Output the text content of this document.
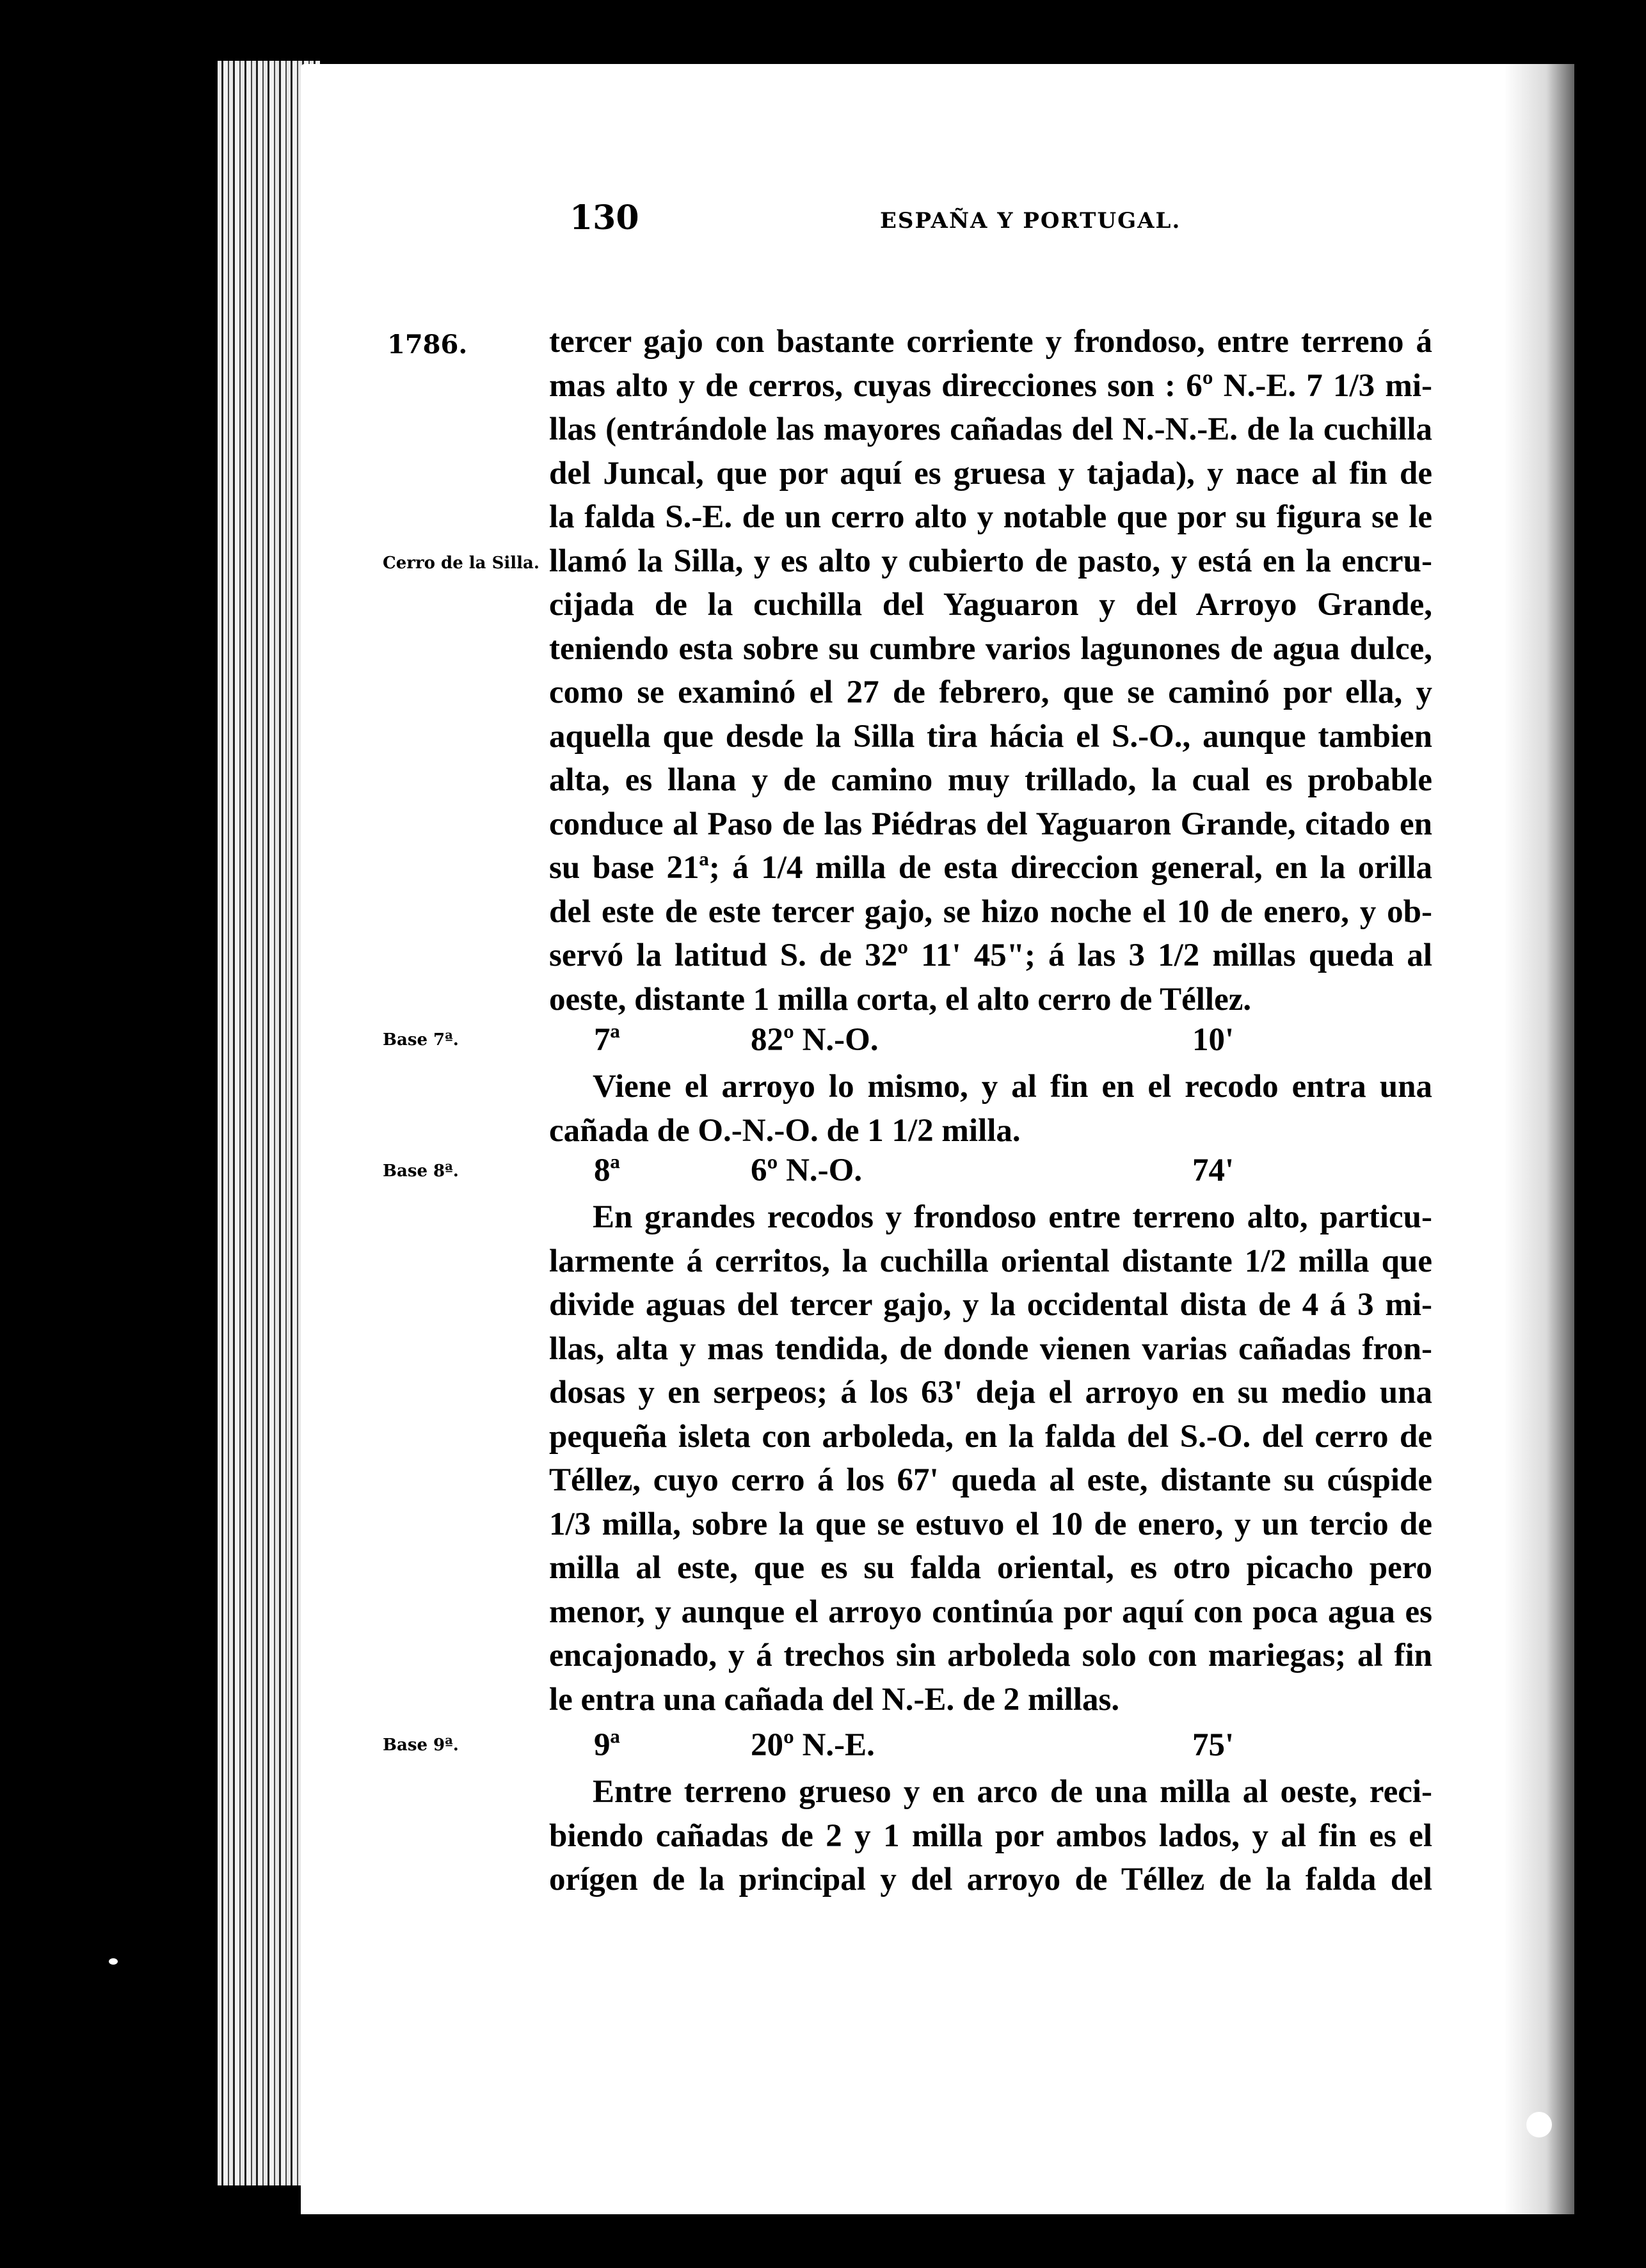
130	ESPAÑA Y PORTUGAL.
1786.
Cerro de la Silla.
Base 7ª.
Base 8ª.
Base 9ª.
tercer gajo con bastante corriente y frondoso, entre terreno á
mas alto y de cerros, cuyas direcciones son : 6º N.-E. 7 1/3 mi-
llas (entrándole las mayores cañadas del N.-N.-E. de la cuchilla
del Juncal, que por aquí es gruesa y tajada), y nace al fin de
la falda S.-E. de un cerro alto y notable que por su figura se le
llamó la Silla, y es alto y cubierto de pasto, y está en la encru-
cijada de la cuchilla del Yaguaron y del Arroyo Grande,
teniendo esta sobre su cumbre varios lagunones de agua dulce,
como se examinó el 27 de febrero, que se caminó por ella, y
aquella que desde la Silla tira hácia el S.-O., aunque tambien
alta, es llana y de camino muy trillado, la cual es probable
conduce al Paso de las Piédras del Yaguaron Grande, citado en
su base 21ª; á 1/4 milla de esta direccion general, en la orilla
del este de este tercer gajo, se hizo noche el 10 de enero, y ob-
servó la latitud S. de 32º 11' 45"; á las 3 1/2 millas queda al
oeste, distante 1 milla corta, el alto cerro de Téllez.
7ª	82º N.-O.	10'
Viene el arroyo lo mismo, y al fin en el recodo entra una
cañada de O.-N.-O. de 1 1/2 milla.
8ª	6º N.-O.	74'
En grandes recodos y frondoso entre terreno alto, particu-
larmente á cerritos, la cuchilla oriental distante 1/2 milla que
divide aguas del tercer gajo, y la occidental dista de 4 á 3 mi-
llas, alta y mas tendida, de donde vienen varias cañadas fron-
dosas y en serpeos; á los 63' deja el arroyo en su medio una
pequeña isleta con arboleda, en la falda del S.-O. del cerro de
Téllez, cuyo cerro á los 67' queda al este, distante su cúspide
1/3 milla, sobre la que se estuvo el 10 de enero, y un tercio de
milla al este, que es su falda oriental, es otro picacho pero
menor, y aunque el arroyo continúa por aquí con poca agua es
encajonado, y á trechos sin arboleda solo con mariegas; al fin
le entra una cañada del N.-E. de 2 millas.
9ª	20º N.-E.	75'
Entre terreno grueso y en arco de una milla al oeste, reci-
biendo cañadas de 2 y 1 milla por ambos lados, y al fin es el
orígen de la principal y del arroyo de Téllez de la falda del
